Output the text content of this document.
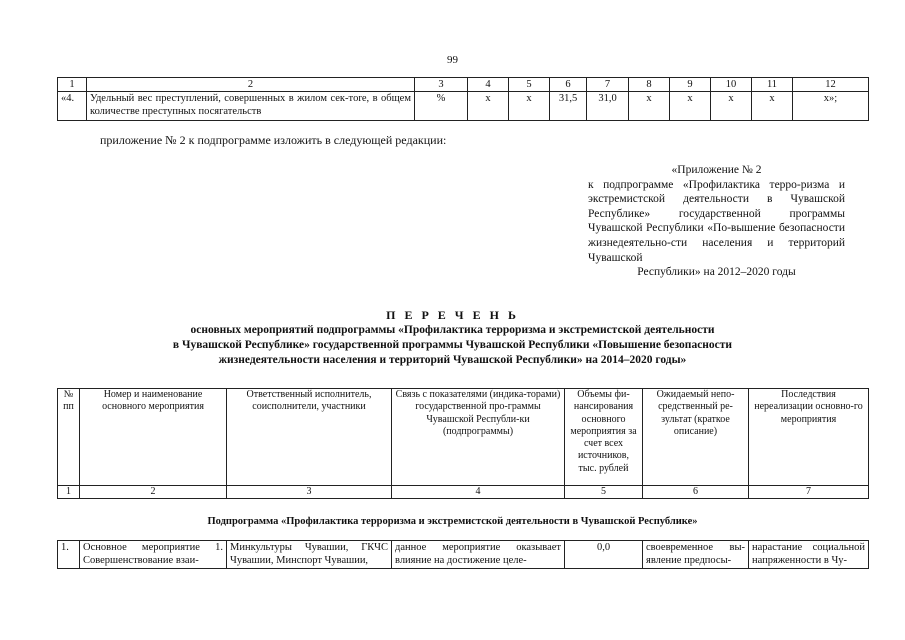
99
1	2	3	4	5	6	7	8	9	10	11	12
«4.	Удельный вес преступлений, совершенных в жилом сек-тore, в общем количестве преступных посягательств	%	x	x	31,5	31,0	x	x	x	x	x»;
приложение № 2 к подпрограмме изложить в следующей редакции:
«Приложение № 2
к подпрограмме «Профилактика терро-ризма и экстремистской деятельности в Чувашской Республике» государственной программы Чувашской Республики «По-вышение безопасности жизнедеятельно-сти населения и территорий Чувашской
Республики» на 2012–2020 годы
П Е Р Е Ч Е Н Ь
основных мероприятий подпрограммы «Профилактика терроризма и экстремистской деятельности
в Чувашской Республике» государственной программы Чувашской Республики «Повышение безопасности
жизнедеятельности населения и территорий Чувашской Республики» на 2014–2020 годы»
№ пп	Номер и наименование основного мероприятия	Ответственный исполнитель, соисполнители, участники	Связь с показателями (индика-торами) государственной про-граммы Чувашской Республи-ки (подпрограммы)	Объемы фи-нансирования основного мероприятия за счет всех источников, тыс. рублей	Ожидаемый непо-средственный ре-зультат (краткое описание)	Последствия нереализации основно-го мероприятия
1	2	3	4	5	6	7
Подпрограмма «Профилактика терроризма и экстремистской деятельности в Чувашской Республике»
1.	Основное мероприятие 1. Совершенствование взаи-	Минкультуры Чувашии, ГКЧС Чувашии, Минспорт Чувашии,	данное мероприятие оказывает влияние на достижение целе-	0,0	своевременное вы-явление предпосы-	нарастание социальной напряженности в Чу-
